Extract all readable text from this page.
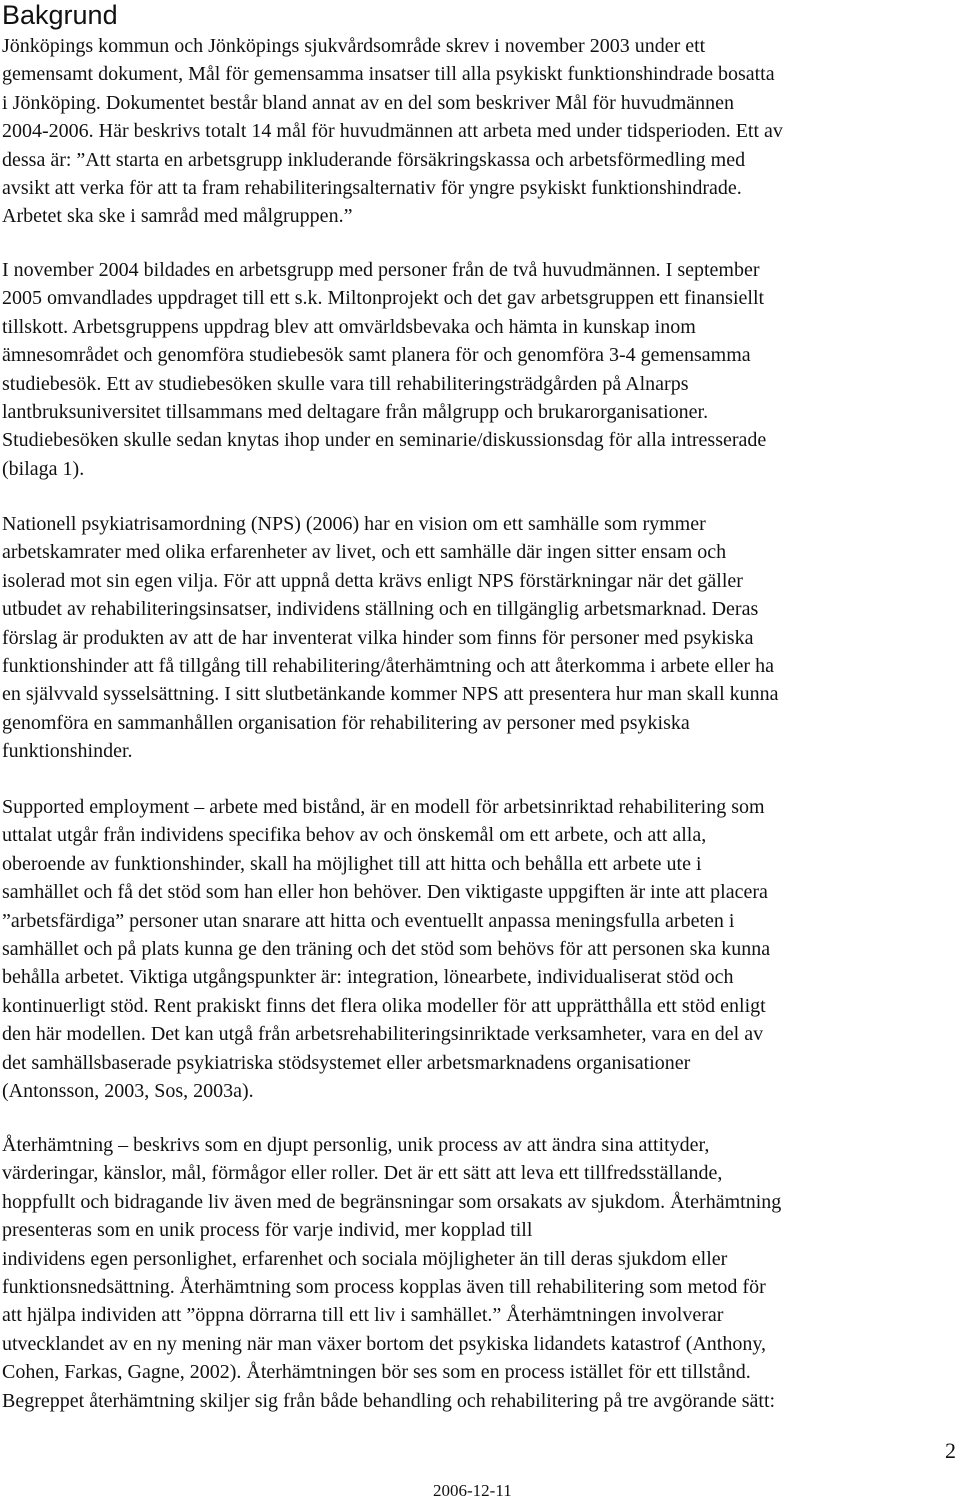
Bakgrund
Jönköpings kommun och Jönköpings sjukvårdsområde skrev i november 2003 under ett
gemensamt dokument, Mål för gemensamma insatser till alla psykiskt funktionshindrade bosatta
i Jönköping. Dokumentet består bland annat av en del som beskriver Mål för huvudmännen
2004-2006. Här beskrivs totalt 14 mål för huvudmännen att arbeta med under tidsperioden. Ett av
dessa är: ”Att starta en arbetsgrupp inkluderande försäkringskassa och arbetsförmedling med
avsikt att verka för att ta fram rehabiliteringsalternativ för yngre psykiskt funktionshindrade.
Arbetet ska ske i samråd med målgruppen.”
I november 2004 bildades en arbetsgrupp med personer från de två huvudmännen. I september
2005 omvandlades uppdraget till ett s.k. Miltonprojekt och det gav arbetsgruppen ett finansiellt
tillskott. Arbetsgruppens uppdrag blev att omvärldsbevaka och hämta in kunskap inom
ämnesområdet och genomföra studiebesök samt planera för och genomföra 3-4 gemensamma
studiebesök. Ett av studiebesöken skulle vara till rehabiliteringsträdgården på Alnarps
lantbruksuniversitet tillsammans med deltagare från målgrupp och brukarorganisationer.
Studiebesöken skulle sedan knytas ihop under en seminarie/diskussionsdag för alla intresserade
(bilaga 1).
Nationell psykiatrisamordning (NPS) (2006) har en vision om ett samhälle som rymmer
arbetskamrater med olika erfarenheter av livet, och ett samhälle där ingen sitter ensam och
isolerad mot sin egen vilja. För att uppnå detta krävs enligt NPS förstärkningar när det gäller
utbudet av rehabiliteringsinsatser, individens ställning och en tillgänglig arbetsmarknad. Deras
förslag är produkten av att de har inventerat vilka hinder som finns för personer med psykiska
funktionshinder att få tillgång till rehabilitering/återhämtning och att återkomma i arbete eller ha
en självvald sysselsättning. I sitt slutbetänkande kommer NPS att presentera hur man skall kunna
genomföra en sammanhållen organisation för rehabilitering av personer med psykiska
funktionshinder.
Supported employment – arbete med bistånd, är en modell för arbetsinriktad rehabilitering som
uttalat utgår från individens specifika behov av och önskemål om ett arbete, och att alla,
oberoende av funktionshinder, skall ha möjlighet till att hitta och behålla ett arbete ute i
samhället och få det stöd som han eller hon behöver. Den viktigaste uppgiften är inte att placera
”arbetsfärdiga” personer utan snarare att hitta och eventuellt anpassa meningsfulla arbeten i
samhället och på plats kunna ge den träning och det stöd som behövs för att personen ska kunna
behålla arbetet. Viktiga utgångspunkter är: integration, lönearbete, individualiserat stöd och
kontinuerligt stöd. Rent prakiskt finns det flera olika modeller för att upprätthålla ett stöd enligt
den här modellen. Det kan utgå från arbetsrehabiliteringsinriktade verksamheter, vara en del av
det samhällsbaserade psykiatriska stödsystemet eller arbetsmarknadens organisationer
(Antonsson, 2003, Sos, 2003a).
Återhämtning – beskrivs som en djupt personlig, unik process av att ändra sina attityder,
värderingar, känslor, mål, förmågor eller roller. Det är ett sätt att leva ett tillfredsställande,
hoppfullt och bidragande liv även med de begränsningar som orsakats av sjukdom. Återhämtning
presenteras som en unik process för varje individ, mer kopplad till
individens egen personlighet, erfarenhet och sociala möjligheter än till deras sjukdom eller
funktionsnedsättning. Återhämtning som process kopplas även till rehabilitering som metod för
att hjälpa individen att ”öppna dörrarna till ett liv i samhället.” Återhämtningen involverar
utvecklandet av en ny mening när man växer bortom det psykiska lidandets katastrof (Anthony,
Cohen, Farkas, Gagne, 2002). Återhämtningen bör ses som en process istället för ett tillstånd.
Begreppet återhämtning skiljer sig från både behandling och rehabilitering på tre avgörande sätt:
2
2006-12-11
